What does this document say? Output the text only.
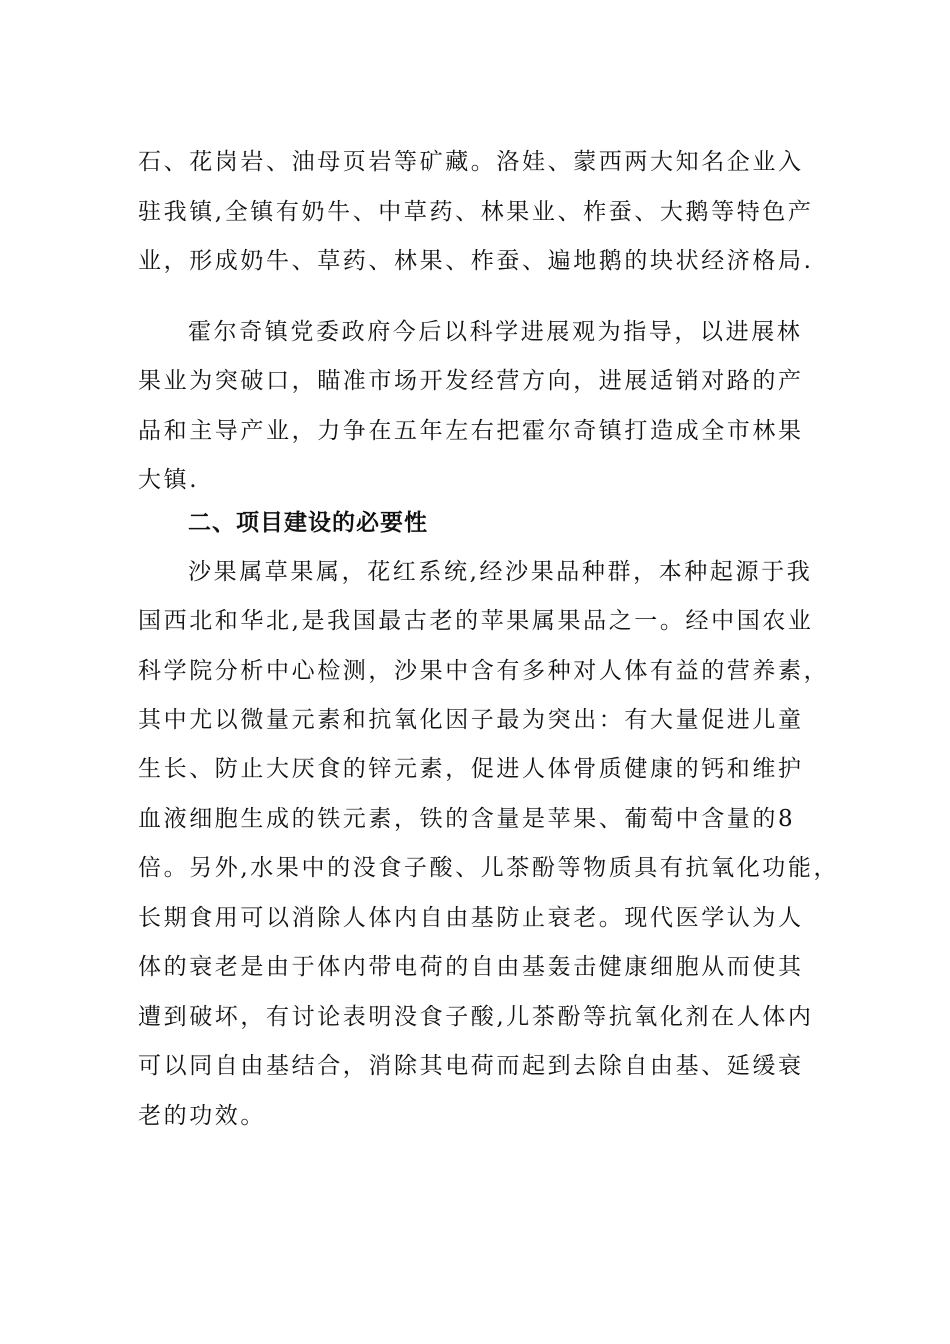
石、花岗岩、油母页岩等矿藏。洛娃、蒙西两大知名企业入
驻我镇,全镇有奶牛、中草药、林果业、柞蚕、大鹅等特色产
业，形成奶牛、草药、林果、柞蚕、遍地鹅的块状经济格局.
霍尔奇镇党委政府今后以科学进展观为指导，以进展林
果业为突破口，瞄准市场开发经营方向，进展适销对路的产
品和主导产业，力争在五年左右把霍尔奇镇打造成全市林果
大镇.
二、项目建设的必要性
沙果属草果属，花红系统,经沙果品种群，本种起源于我
国西北和华北,是我国最古老的苹果属果品之一。经中国农业
科学院分析中心检测，沙果中含有多种对人体有益的营养素，
其中尤以微量元素和抗氧化因子最为突出：有大量促进儿童
生长、防止大厌食的锌元素，促进人体骨质健康的钙和维护
血液细胞生成的铁元素，铁的含量是苹果、葡萄中含量的8
倍。另外,水果中的没食子酸、儿茶酚等物质具有抗氧化功能，
长期食用可以消除人体内自由基防止衰老。现代医学认为人
体的衰老是由于体内带电荷的自由基轰击健康细胞从而使其
遭到破坏，有讨论表明没食子酸,儿茶酚等抗氧化剂在人体内
可以同自由基结合，消除其电荷而起到去除自由基、延缓衰
老的功效。
